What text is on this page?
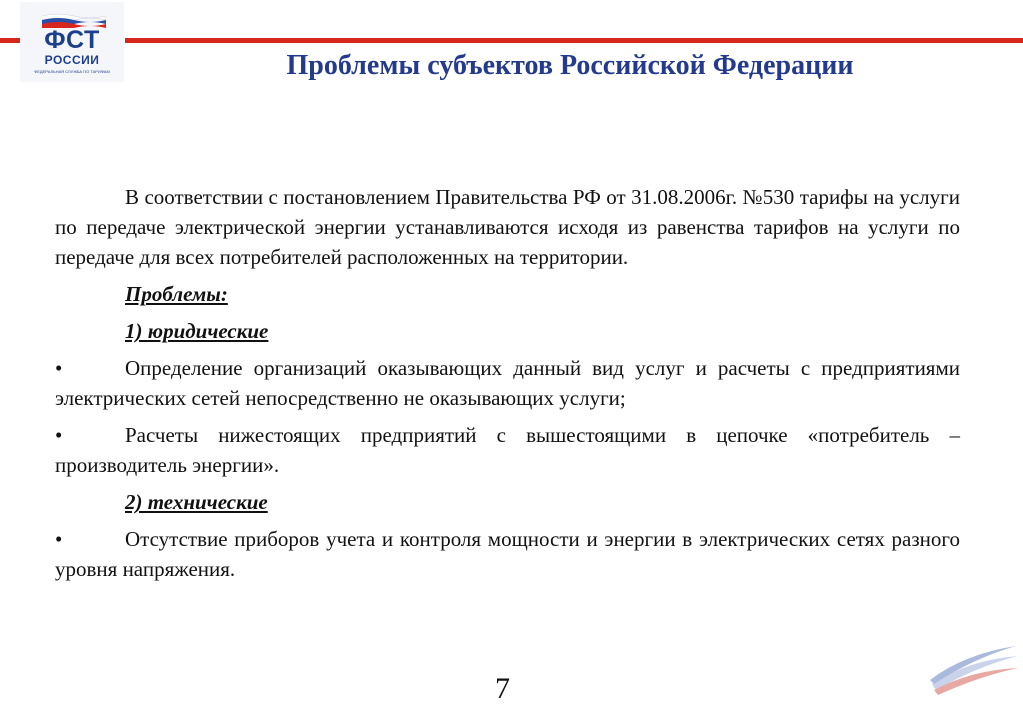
ФСТ
РОССИИ
ФЕДЕРАЛЬНАЯ СЛУЖБА ПО ТАРИФАМ	Проблемы субъектов Российской Федерации

В соответствии с постановлением Правительства РФ от 31.08.2006г. №530 тарифы на услуги по передаче электрической энергии устанавливаются исходя из равенства тарифов на услуги по передаче для всех потребителей расположенных на территории.

Проблемы:
1) юридические
•	Определение организаций оказывающих данный вид услуг и расчеты с предприятиями электрических сетей непосредственно не оказывающих услуги;
•	Расчеты нижестоящих предприятий с вышестоящими в цепочке «потребитель – производитель энергии».
2) технические
•	Отсутствие приборов учета и контроля мощности и энергии в электрических сетях разного уровня напряжения.
7
